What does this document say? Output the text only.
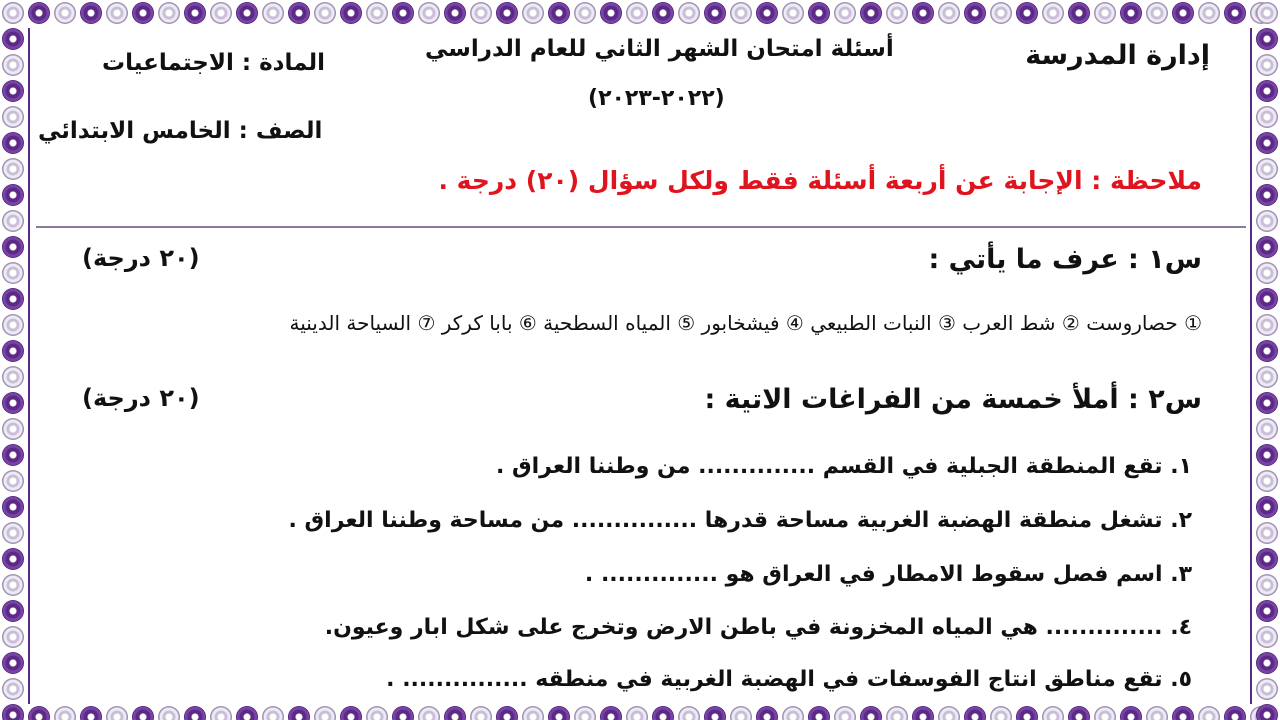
إدارة المدرسة
أسئلة امتحان الشهر الثاني للعام الدراسي
(٢٠٢٢-٢٠٢٣)
المادة : الاجتماعيات
الصف : الخامس الابتدائي
ملاحظة : الإجابة عن أربعة أسئلة فقط ولكل سؤال (٢٠) درجة .
س١ : عرف ما يأتي :
(٢٠ درجة)
① حصاروست ② شط العرب ③ النبات الطبيعي ④ فيشخابور ⑤ المياه السطحية ⑥ بابا كركر ⑦ السياحة الدينية
س٢ : أملأ خمسة من الفراغات الاتية :
(٢٠ درجة)
١. تقع المنطقة الجبلية في القسم .............. من وطننا العراق .
٢. تشغل منطقة الهضبة الغربية مساحة قدرها ............... من مساحة وطننا العراق .
٣. اسم فصل سقوط الامطار في العراق هو .............. .
٤. .............. هي المياه المخزونة في باطن الارض وتخرج على شكل ابار وعيون.
٥. تقع مناطق انتاج الفوسفات في الهضبة الغربية في منطقه ............... .
